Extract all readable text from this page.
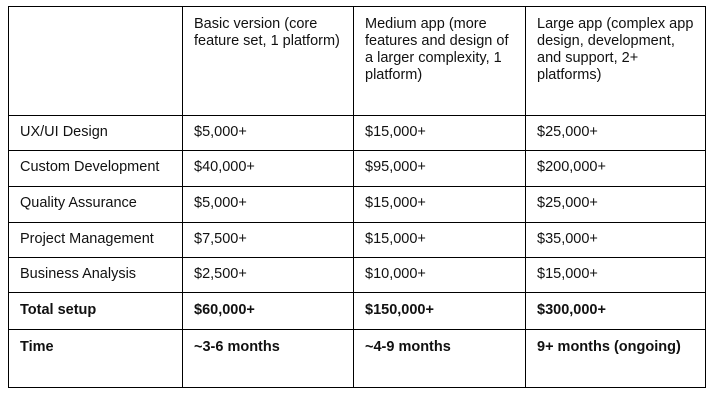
	Basic version (core feature set, 1 platform)	Medium app (more features and design of a larger complexity, 1 platform)	Large app (complex app design, development, and support, 2+ platforms)
UX/UI Design	$5,000+	$15,000+	$25,000+
Custom Development	$40,000+	$95,000+	$200,000+
Quality Assurance	$5,000+	$15,000+	$25,000+
Project Management	$7,500+	$15,000+	$35,000+
Business Analysis	$2,500+	$10,000+	$15,000+
Total setup	$60,000+	$150,000+	$300,000+
Time	~3-6 months	~4-9 months	9+ months (ongoing)
